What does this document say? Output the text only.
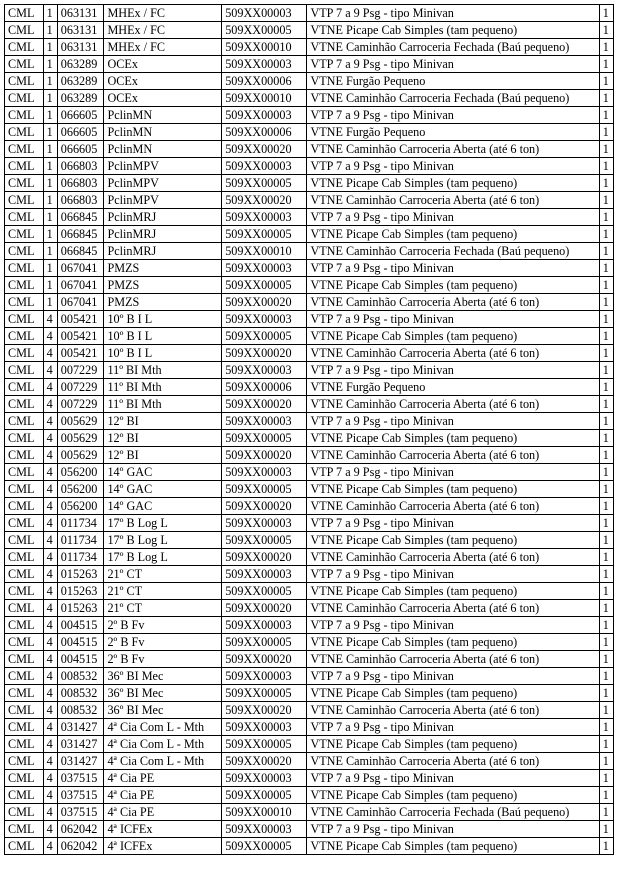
CML	1	063131	MHEx / FC	509XX00003	VTP 7 a 9 Psg - tipo Minivan	1
CML	1	063131	MHEx / FC	509XX00005	VTNE Picape Cab Simples (tam pequeno)	1
CML	1	063131	MHEx / FC	509XX00010	VTNE Caminhão Carroceria Fechada (Baú pequeno)	1
CML	1	063289	OCEx	509XX00003	VTP 7 a 9 Psg - tipo Minivan	1
CML	1	063289	OCEx	509XX00006	VTNE Furgão Pequeno	1
CML	1	063289	OCEx	509XX00010	VTNE Caminhão Carroceria Fechada (Baú pequeno)	1
CML	1	066605	PclinMN	509XX00003	VTP 7 a 9 Psg - tipo Minivan	1
CML	1	066605	PclinMN	509XX00006	VTNE Furgão Pequeno	1
CML	1	066605	PclinMN	509XX00020	VTNE Caminhão Carroceria Aberta (até 6 ton)	1
CML	1	066803	PclinMPV	509XX00003	VTP 7 a 9 Psg - tipo Minivan	1
CML	1	066803	PclinMPV	509XX00005	VTNE Picape Cab Simples (tam pequeno)	1
CML	1	066803	PclinMPV	509XX00020	VTNE Caminhão Carroceria Aberta (até 6 ton)	1
CML	1	066845	PclinMRJ	509XX00003	VTP 7 a 9 Psg - tipo Minivan	1
CML	1	066845	PclinMRJ	509XX00005	VTNE Picape Cab Simples (tam pequeno)	1
CML	1	066845	PclinMRJ	509XX00010	VTNE Caminhão Carroceria Fechada (Baú pequeno)	1
CML	1	067041	PMZS	509XX00003	VTP 7 a 9 Psg - tipo Minivan	1
CML	1	067041	PMZS	509XX00005	VTNE Picape Cab Simples (tam pequeno)	1
CML	1	067041	PMZS	509XX00020	VTNE Caminhão Carroceria Aberta (até 6 ton)	1
CML	4	005421	10º B I L	509XX00003	VTP 7 a 9 Psg - tipo Minivan	1
CML	4	005421	10º B I L	509XX00005	VTNE Picape Cab Simples (tam pequeno)	1
CML	4	005421	10º B I L	509XX00020	VTNE Caminhão Carroceria Aberta (até 6 ton)	1
CML	4	007229	11º BI Mth	509XX00003	VTP 7 a 9 Psg - tipo Minivan	1
CML	4	007229	11º BI Mth	509XX00006	VTNE Furgão Pequeno	1
CML	4	007229	11º BI Mth	509XX00020	VTNE Caminhão Carroceria Aberta (até 6 ton)	1
CML	4	005629	12º BI	509XX00003	VTP 7 a 9 Psg - tipo Minivan	1
CML	4	005629	12º BI	509XX00005	VTNE Picape Cab Simples (tam pequeno)	1
CML	4	005629	12º BI	509XX00020	VTNE Caminhão Carroceria Aberta (até 6 ton)	1
CML	4	056200	14º GAC	509XX00003	VTP 7 a 9 Psg - tipo Minivan	1
CML	4	056200	14º GAC	509XX00005	VTNE Picape Cab Simples (tam pequeno)	1
CML	4	056200	14º GAC	509XX00020	VTNE Caminhão Carroceria Aberta (até 6 ton)	1
CML	4	011734	17º B Log L	509XX00003	VTP 7 a 9 Psg - tipo Minivan	1
CML	4	011734	17º B Log L	509XX00005	VTNE Picape Cab Simples (tam pequeno)	1
CML	4	011734	17º B Log L	509XX00020	VTNE Caminhão Carroceria Aberta (até 6 ton)	1
CML	4	015263	21º CT	509XX00003	VTP 7 a 9 Psg - tipo Minivan	1
CML	4	015263	21º CT	509XX00005	VTNE Picape Cab Simples (tam pequeno)	1
CML	4	015263	21º CT	509XX00020	VTNE Caminhão Carroceria Aberta (até 6 ton)	1
CML	4	004515	2º B Fv	509XX00003	VTP 7 a 9 Psg - tipo Minivan	1
CML	4	004515	2º B Fv	509XX00005	VTNE Picape Cab Simples (tam pequeno)	1
CML	4	004515	2º B Fv	509XX00020	VTNE Caminhão Carroceria Aberta (até 6 ton)	1
CML	4	008532	36º BI Mec	509XX00003	VTP 7 a 9 Psg - tipo Minivan	1
CML	4	008532	36º BI Mec	509XX00005	VTNE Picape Cab Simples (tam pequeno)	1
CML	4	008532	36º BI Mec	509XX00020	VTNE Caminhão Carroceria Aberta (até 6 ton)	1
CML	4	031427	4ª Cia Com L - Mth	509XX00003	VTP 7 a 9 Psg - tipo Minivan	1
CML	4	031427	4ª Cia Com L - Mth	509XX00005	VTNE Picape Cab Simples (tam pequeno)	1
CML	4	031427	4ª Cia Com L - Mth	509XX00020	VTNE Caminhão Carroceria Aberta (até 6 ton)	1
CML	4	037515	4ª Cia PE	509XX00003	VTP 7 a 9 Psg - tipo Minivan	1
CML	4	037515	4ª Cia PE	509XX00005	VTNE Picape Cab Simples (tam pequeno)	1
CML	4	037515	4ª Cia PE	509XX00010	VTNE Caminhão Carroceria Fechada (Baú pequeno)	1
CML	4	062042	4ª ICFEx	509XX00003	VTP 7 a 9 Psg - tipo Minivan	1
CML	4	062042	4ª ICFEx	509XX00005	VTNE Picape Cab Simples (tam pequeno)	1
